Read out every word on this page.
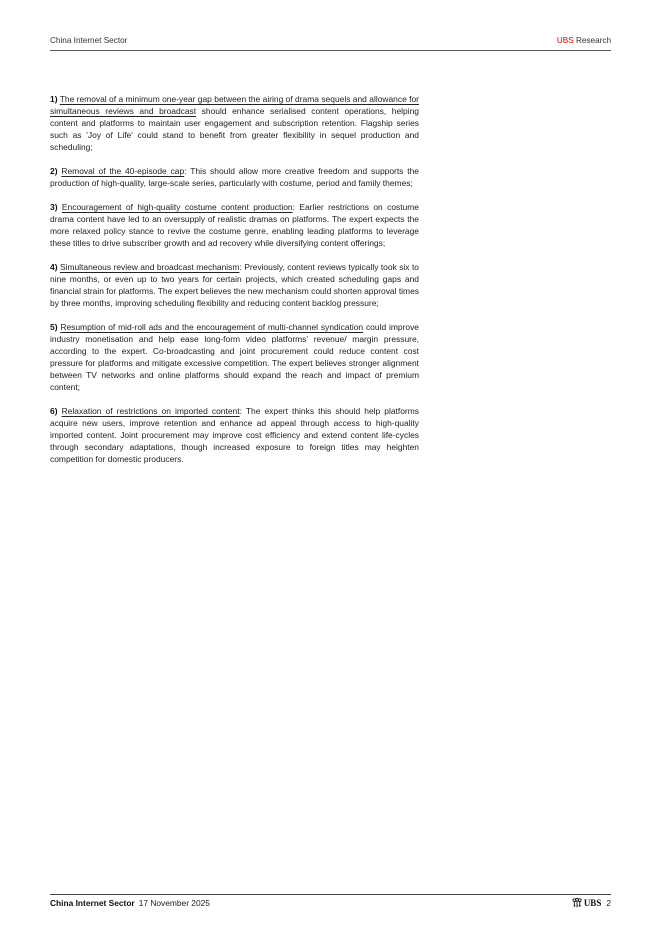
China Internet Sector	UBS Research

1) The removal of a minimum one-year gap between the airing of drama sequels and allowance for simultaneous reviews and broadcast should enhance serialised content operations, helping content and platforms to maintain user engagement and subscription retention. Flagship series such as 'Joy of Life' could stand to benefit from greater flexibility in sequel production and scheduling;

2) Removal of the 40-episode cap: This should allow more creative freedom and supports the production of high-quality, large-scale series, particularly with costume, period and family themes;

3) Encouragement of high-quality costume content production: Earlier restrictions on costume drama content have led to an oversupply of realistic dramas on platforms. The expert expects the more relaxed policy stance to revive the costume genre, enabling leading platforms to leverage these titles to drive subscriber growth and ad recovery while diversifying content offerings;

4) Simultaneous review and broadcast mechanism: Previously, content reviews typically took six to nine months, or even up to two years for certain projects, which created scheduling gaps and financial strain for platforms. The expert believes the new mechanism could shorten approval times by three months, improving scheduling flexibility and reducing content backlog pressure;

5) Resumption of mid-roll ads and the encouragement of multi-channel syndication could improve industry monetisation and help ease long-form video platforms' revenue/ margin pressure, according to the expert. Co-broadcasting and joint procurement could reduce content cost pressure for platforms and mitigate excessive competition. The expert believes stronger alignment between TV networks and online platforms should expand the reach and impact of premium content;

6) Relaxation of restrictions on imported content: The expert thinks this should help platforms acquire new users, improve retention and enhance ad appeal through access to high-quality imported content. Joint procurement may improve cost efficiency and extend content life-cycles through secondary adaptations, though increased exposure to foreign titles may heighten competition for domestic producers.

China Internet Sector 17 November 2025	UBS 2
